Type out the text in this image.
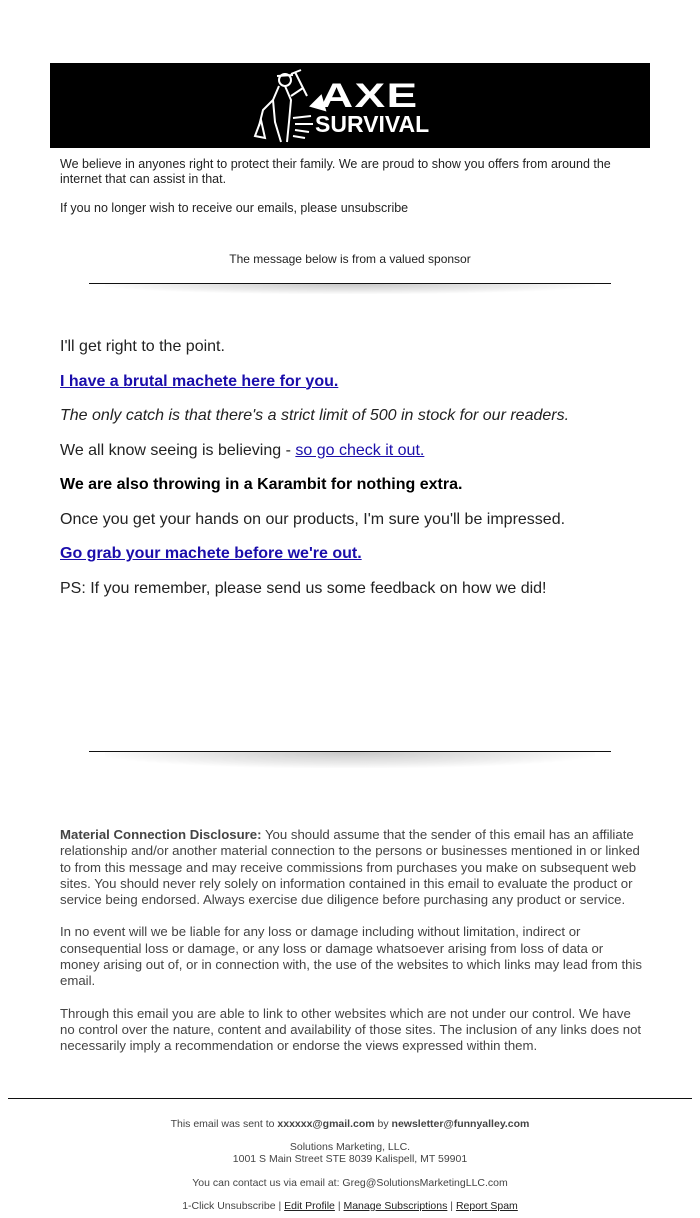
AXE
SURVIVAL

We believe in anyones right to protect their family. We are proud to show you offers from around the internet that can assist in that.

If you no longer wish to receive our emails, please unsubscribe

The message below is from a valued sponsor

I'll get right to the point.

I have a brutal machete here for you.

The only catch is that there's a strict limit of 500 in stock for our readers.

We all know seeing is believing - so go check it out.

We are also throwing in a Karambit for nothing extra.

Once you get your hands on our products, I'm sure you'll be impressed.

Go grab your machete before we're out.

PS: If you remember, please send us some feedback on how we did!

Material Connection Disclosure: You should assume that the sender of this email has an affiliate relationship and/or another material connection to the persons or businesses mentioned in or linked to from this message and may receive commissions from purchases you make on subsequent web sites. You should never rely solely on information contained in this email to evaluate the product or service being endorsed. Always exercise due diligence before purchasing any product or service.

In no event will we be liable for any loss or damage including without limitation, indirect or consequential loss or damage, or any loss or damage whatsoever arising from loss of data or money arising out of, or in connection with, the use of the websites to which links may lead from this email.

Through this email you are able to link to other websites which are not under our control. We have no control over the nature, content and availability of those sites. The inclusion of any links does not necessarily imply a recommendation or endorse the views expressed within them.

This email was sent to xxxxxx@gmail.com by newsletter@funnyalley.com

Solutions Marketing, LLC.

1001 S Main Street STE 8039 Kalispell, MT 59901

You can contact us via email at: Greg@SolutionsMarketingLLC.com

1-Click Unsubscribe | Edit Profile | Manage Subscriptions | Report Spam
